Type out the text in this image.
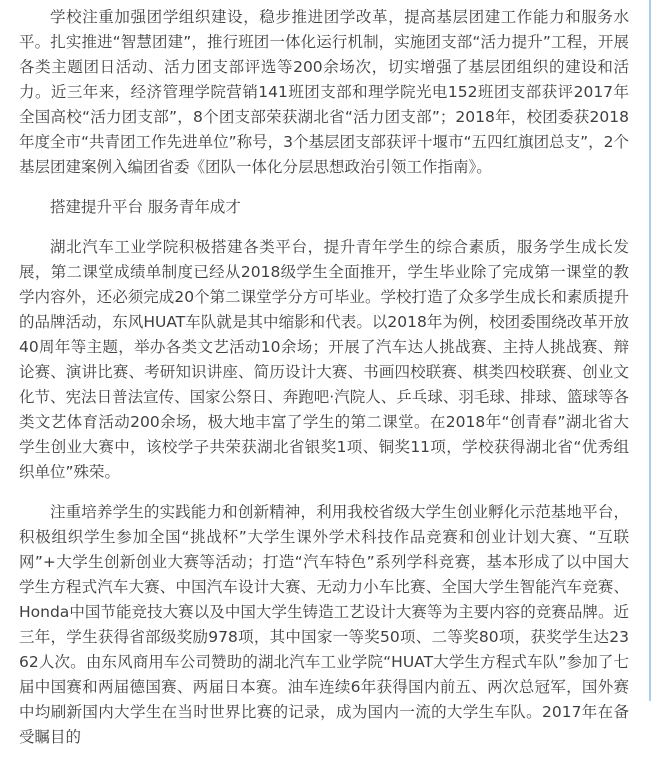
学校注重加强团学组织建设，稳步推进团学改革，提高基层团建工作能力和服务水平。扎实推进“智慧团建”，推行班团一体化运行机制，实施团支部“活力提升”工程，开展各类主题团日活动、活力团支部评选等200余场次，切实增强了基层团组织的建设和活力。近三年来，经济管理学院营销141班团支部和理学院光电152班团支部获评2017年全国高校“活力团支部”，8个团支部荣获湖北省“活力团支部”；2018年，校团委获2018年度全市“共青团工作先进单位”称号，3个基层团支部获评十堰市“五四红旗团总支”，2个基层团建案例入编团省委《团队一体化分层思想政治引领工作指南》。

搭建提升平台 服务青年成才

湖北汽车工业学院积极搭建各类平台，提升青年学生的综合素质，服务学生成长发展，第二课堂成绩单制度已经从2018级学生全面推开，学生毕业除了完成第一课堂的教学内容外，还必须完成20个第二课堂学分方可毕业。学校打造了众多学生成长和素质提升的品牌活动，东风HUAT车队就是其中缩影和代表。以2018年为例，校团委围绕改革开放40周年等主题，举办各类文艺活动10余场；开展了汽车达人挑战赛、主持人挑战赛、辩论赛、演讲比赛、考研知识讲座、简历设计大赛、书画四校联赛、棋类四校联赛、创业文化节、宪法日普法宣传、国家公祭日、奔跑吧·汽院人、乒乓球、羽毛球、排球、篮球等各类文艺体育活动200余场，极大地丰富了学生的第二课堂。在2018年“创青春”湖北省大学生创业大赛中，该校学子共荣获湖北省银奖1项、铜奖11项，学校获得湖北省“优秀组织单位”殊荣。

注重培养学生的实践能力和创新精神，利用我校省级大学生创业孵化示范基地平台，积极组织学生参加全国“挑战杯”大学生课外学术科技作品竞赛和创业计划大赛、“互联网”+大学生创新创业大赛等活动；打造“汽车特色”系列学科竞赛，基本形成了以中国大学生方程式汽车大赛、中国汽车设计大赛、无动力小车比赛、全国大学生智能汽车竞赛、Honda中国节能竞技大赛以及中国大学生铸造工艺设计大赛等为主要内容的竞赛品牌。近三年，学生获得省部级奖励978项，其中国家一等奖50项、二等奖80项，获奖学生达2362人次。由东风商用车公司赞助的湖北汽车工业学院“HUAT大学生方程式车队”参加了七届中国赛和两届德国赛、两届日本赛。油车连续6年获得国内前五、两次总冠军，国外赛中均刷新国内大学生在当时世界比赛的记录，成为国内一流的大学生车队。2017年在备受瞩目的
